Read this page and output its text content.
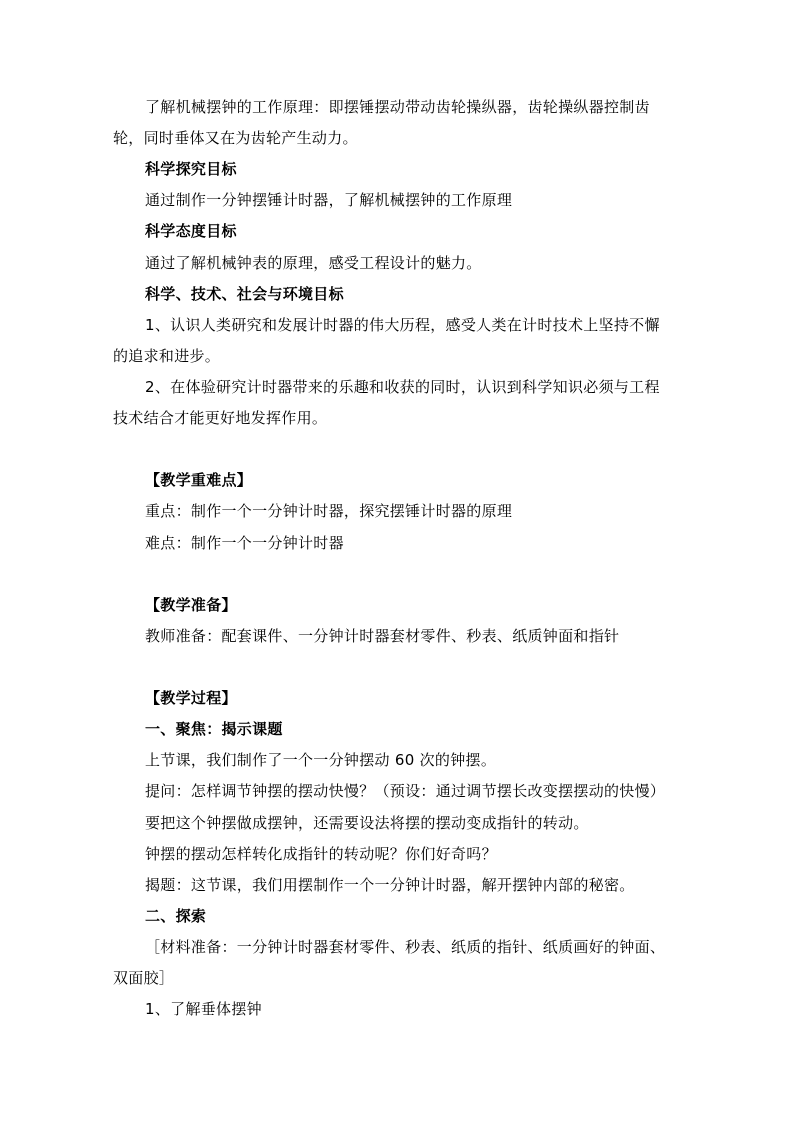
了解机械摆钟的工作原理：即摆锤摆动带动齿轮操纵器，齿轮操纵器控制齿
轮，同时垂体又在为齿轮产生动力。
科学探究目标
通过制作一分钟摆锤计时器，了解机械摆钟的工作原理
科学态度目标
通过了解机械钟表的原理，感受工程设计的魅力。
科学、技术、社会与环境目标
1、认识人类研究和发展计时器的伟大历程，感受人类在计时技术上坚持不懈
的追求和进步。
2、在体验研究计时器带来的乐趣和收获的同时，认识到科学知识必须与工程
技术结合才能更好地发挥作用。
【教学重难点】
重点：制作一个一分钟计时器，探究摆锤计时器的原理
难点：制作一个一分钟计时器
【教学准备】
教师准备：配套课件、一分钟计时器套材零件、秒表、纸质钟面和指针
【教学过程】
一、聚焦：揭示课题
上节课，我们制作了一个一分钟摆动 60 次的钟摆。
提问：怎样调节钟摆的摆动快慢？（预设：通过调节摆长改变摆摆动的快慢）
要把这个钟摆做成摆钟，还需要设法将摆的摆动变成指针的转动。
钟摆的摆动怎样转化成指针的转动呢？你们好奇吗？
揭题：这节课，我们用摆制作一个一分钟计时器，解开摆钟内部的秘密。
二、探索
［材料准备：一分钟计时器套材零件、秒表、纸质的指针、纸质画好的钟面、
双面胶］
1、了解垂体摆钟
